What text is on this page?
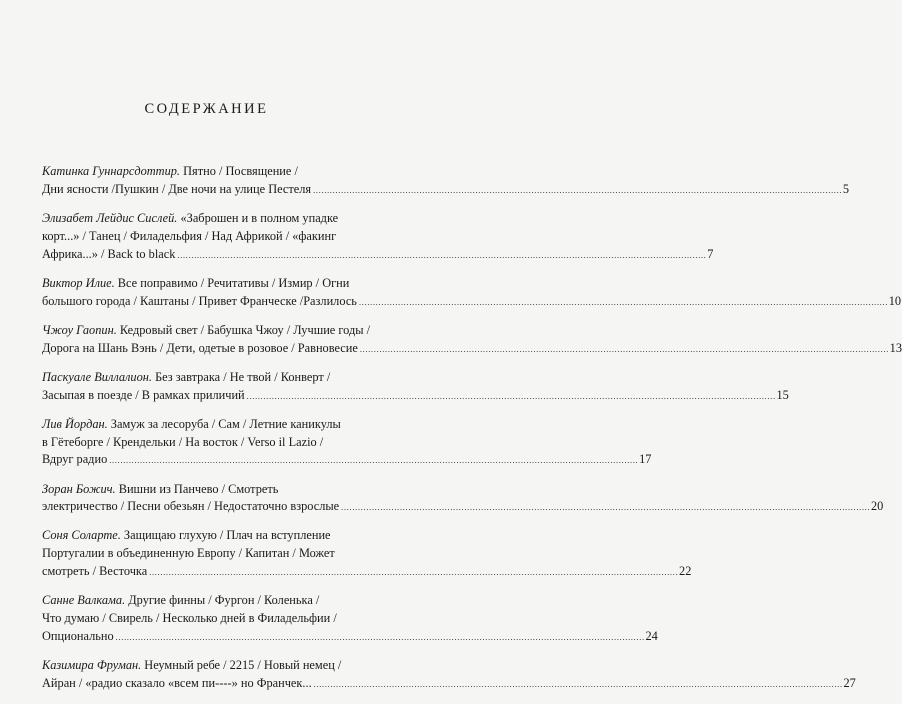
СОДЕРЖАНИЕ
Катинка Гуннарсдоттир. Пятно / Посвящение /
Дни ясности /Пушкин / Две ночи на улице Пестеля . . .	5
Элизабет Лейдис Сислей. «Заброшен и в полном упадке
корт...» / Танец / Филадельфия / Над Африкой / «факинг
Африка...» / Back to black . . .	7
Виктор Илие. Все поправимо / Речитативы / Измир / Огни
большого города / Каштаны / Привет Франческе /Разлилось . . .	10
Чжоу Гаопин. Кедровый свет / Бабушка Чжоу / Лучшие годы /
Дорога на Шань Вэнь / Дети, одетые в розовое / Равновесие . . .	13
Паскуале Виллалион. Без завтрака / Не твой / Конверт /
Засыпая в поезде / В рамках приличий . . .	15
Лив Йордан. Замуж за лесоруба / Сам / Летние каникулы
в Гётеборге / Крендельки / На восток / Verso il Lazio /
Вдруг радио . . .	17
Зоран Божич. Вишни из Панчево / Смотреть
электричество / Песни обезьян / Недостаточно взрослые . . .	20
Соня Соларте. Защищаю глухую / Плач на вступление
Португалии в объединенную Европу / Капитан / Может
смотреть / Весточка . . .	22
Санне Валкама. Другие финны / Фургон / Коленька /
Что думаю / Свирель / Несколько дней в Филадельфии /
Опционально . . .	24
Казимира Фруман. Неумный ребе / 2215 / Новый немец /
Айран / «радио сказало «всем пи----» но Франчек... . . .	27
